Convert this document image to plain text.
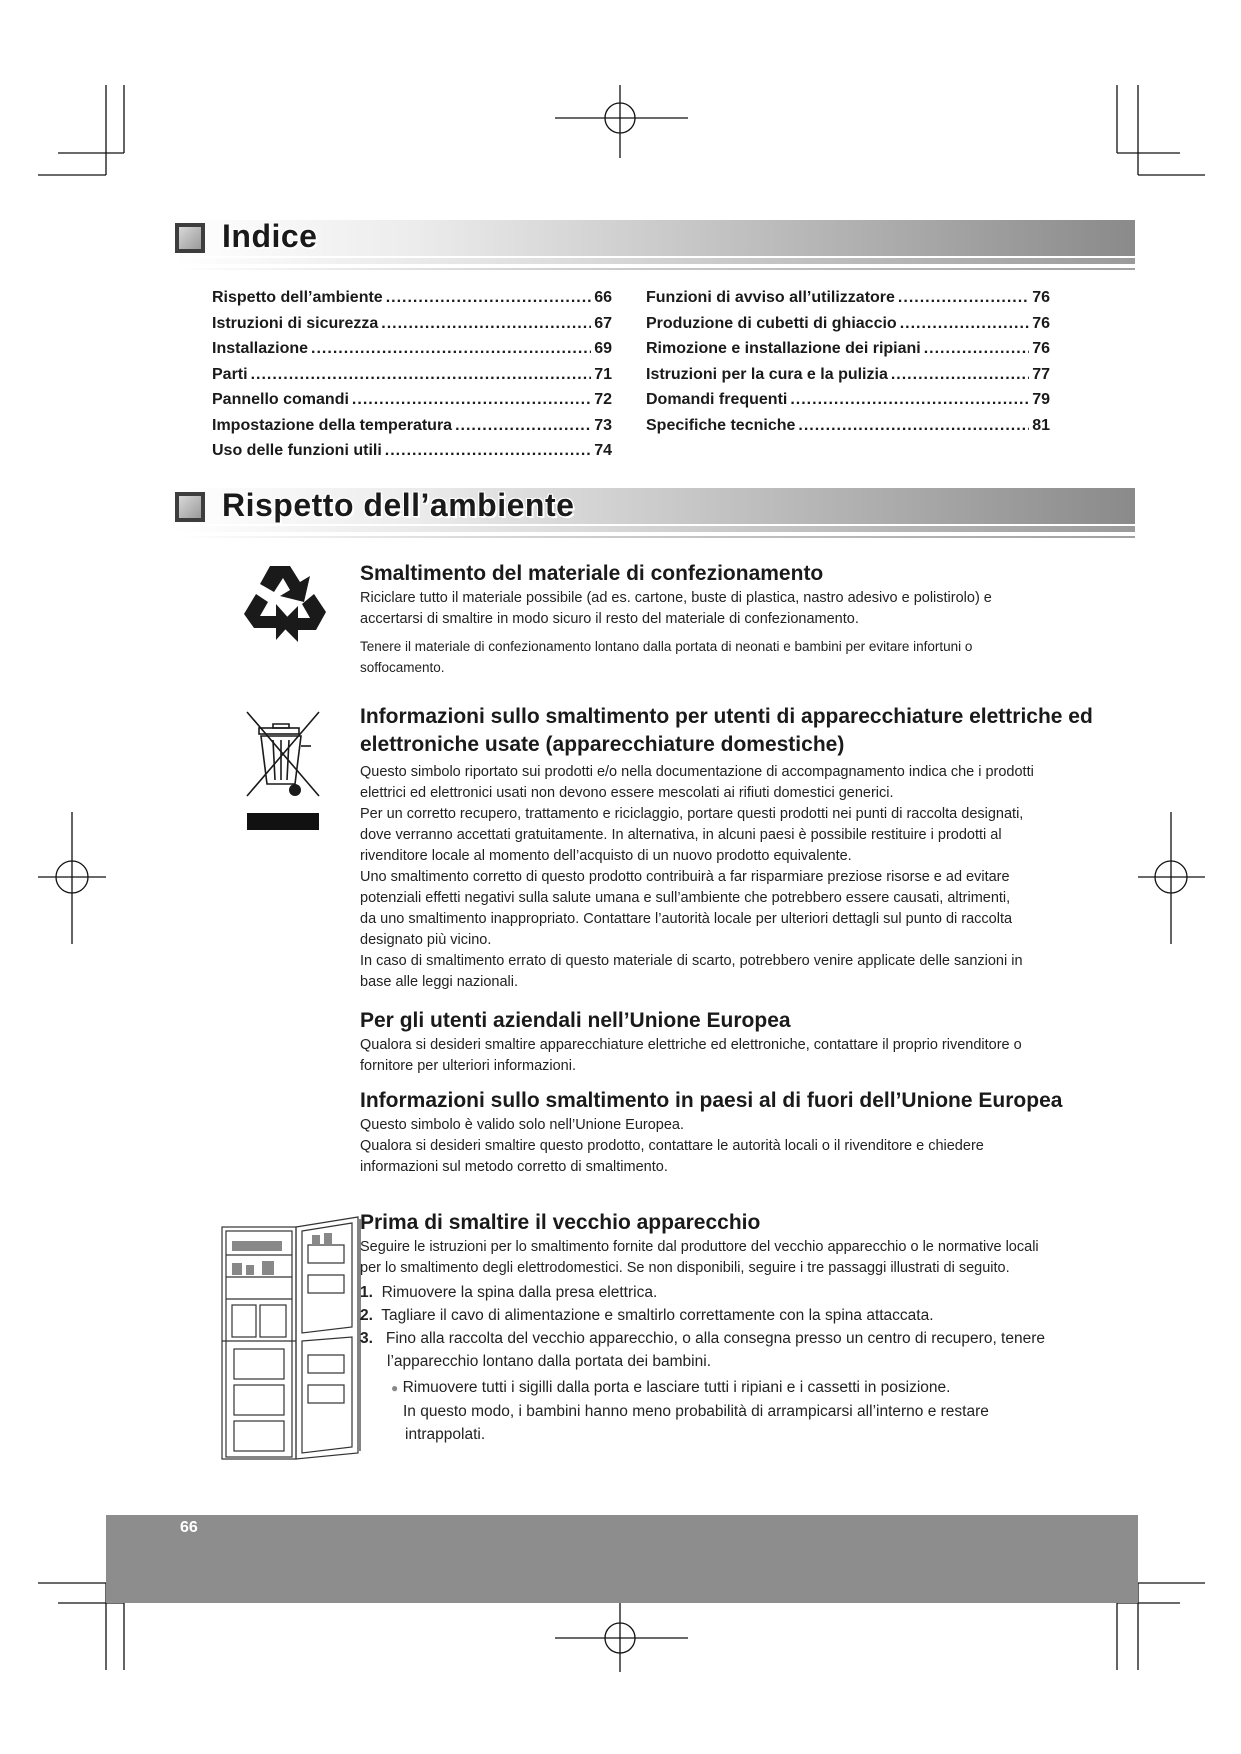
Indice
Rispetto dell’ambiente .....	66
Istruzioni di sicurezza .....	67
Installazione .....	69
Parti .....	71
Pannello comandi .....	72
Impostazione della temperatura .....	73
Uso delle funzioni utili .....	74
Funzioni di avviso all’utilizzatore .....	76
Produzione di cubetti di ghiaccio .....	76
Rimozione e installazione dei ripiani .....	76
Istruzioni per la cura e la pulizia .....	77
Domandi frequenti .....	79
Specifiche tecniche .....	81
Rispetto dell’ambiente
Smaltimento del materiale di confezionamento
Riciclare tutto il materiale possibile (ad es. cartone, buste di plastica, nastro adesivo e polistirolo) e
accertarsi di smaltire in modo sicuro il resto del materiale di confezionamento.
Tenere il materiale di confezionamento lontano dalla portata di neonati e bambini per evitare infortuni o
soffocamento.
Informazioni sullo smaltimento per utenti di apparecchiature elettriche ed
elettroniche usate (apparecchiature domestiche)
Questo simbolo riportato sui prodotti e/o nella documentazione di accompagnamento indica che i prodotti
elettrici ed elettronici usati non devono essere mescolati ai rifiuti domestici generici.
Per un corretto recupero, trattamento e riciclaggio, portare questi prodotti nei punti di raccolta designati,
dove verranno accettati gratuitamente. In alternativa, in alcuni paesi è possibile restituire i prodotti al
rivenditore locale al momento dell’acquisto di un nuovo prodotto equivalente.
Uno smaltimento corretto di questo prodotto contribuirà a far risparmiare preziose risorse e ad evitare
potenziali effetti negativi sulla salute umana e sull’ambiente che potrebbero essere causati, altrimenti,
da uno smaltimento inappropriato. Contattare l’autorità locale per ulteriori dettagli sul punto di raccolta
designato più vicino.
In caso di smaltimento errato di questo materiale di scarto, potrebbero venire applicate delle sanzioni in
base alle leggi nazionali.
Per gli utenti aziendali nell’Unione Europea
Qualora si desideri smaltire apparecchiature elettriche ed elettroniche, contattare il proprio rivenditore o
fornitore per ulteriori informazioni.
Informazioni sullo smaltimento in paesi al di fuori dell’Unione Europea
Questo simbolo è valido solo nell’Unione Europea.
Qualora si desideri smaltire questo prodotto, contattare le autorità locali o il rivenditore e chiedere
informazioni sul metodo corretto di smaltimento.
Prima di smaltire il vecchio apparecchio
Seguire le istruzioni per lo smaltimento fornite dal produttore del vecchio apparecchio o le normative locali
per lo smaltimento degli elettrodomestici. Se non disponibili, seguire i tre passaggi illustrati di seguito.
1. Rimuovere la spina dalla presa elettrica.
2. Tagliare il cavo di alimentazione e smaltirlo correttamente con la spina attaccata.
3. Fino alla raccolta del vecchio apparecchio, o alla consegna presso un centro di recupero, tenere
l’apparecchio lontano dalla portata dei bambini.
● Rimuovere tutti i sigilli dalla porta e lasciare tutti i ripiani e i cassetti in posizione.
In questo modo, i bambini hanno meno probabilità di arrampicarsi all’interno e restare
intrappolati.
66
